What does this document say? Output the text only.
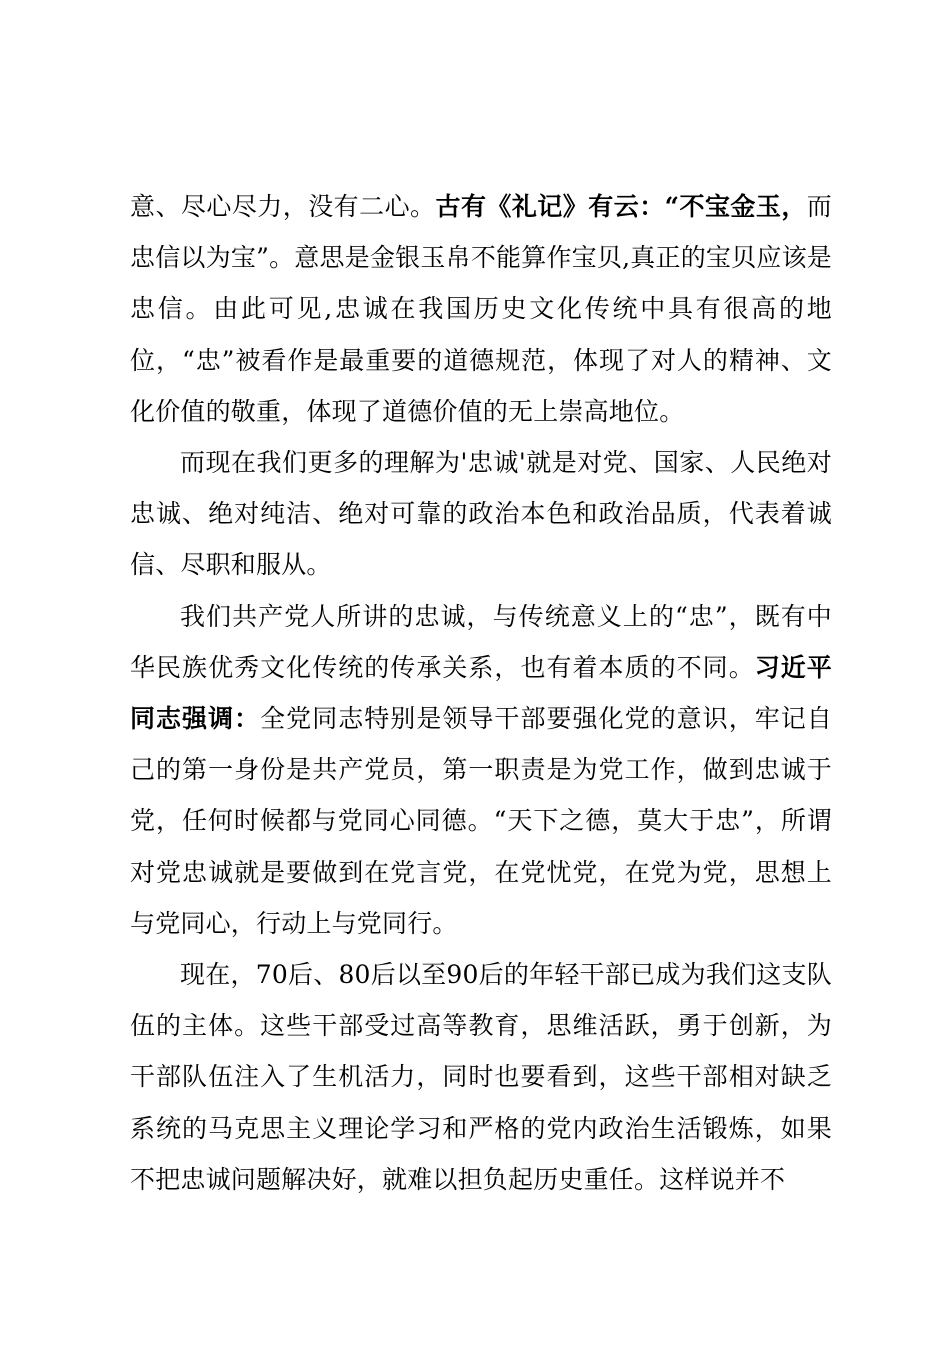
意、尽心尽力，没有二心。古有《礼记》有云：“不宝金玉，而忠信以为宝”。意思是金银玉帛不能算作宝贝,真正的宝贝应该是忠信。由此可见,忠诚在我国历史文化传统中具有很高的地位，“忠”被看作是最重要的道德规范，体现了对人的精神、文化价值的敬重，体现了道德价值的无上崇高地位。

而现在我们更多的理解为'忠诚'就是对党、国家、人民绝对忠诚、绝对纯洁、绝对可靠的政治本色和政治品质，代表着诚信、尽职和服从。

我们共产党人所讲的忠诚，与传统意义上的“忠”，既有中华民族优秀文化传统的传承关系，也有着本质的不同。习近平同志强调：全党同志特别是领导干部要强化党的意识，牢记自己的第一身份是共产党员，第一职责是为党工作，做到忠诚于党，任何时候都与党同心同德。“天下之德，莫大于忠”，所谓对党忠诚就是要做到在党言党，在党忧党，在党为党，思想上与党同心，行动上与党同行。

现在，70后、80后以至90后的年轻干部已成为我们这支队伍的主体。这些干部受过高等教育，思维活跃，勇于创新，为干部队伍注入了生机活力，同时也要看到，这些干部相对缺乏系统的马克思主义理论学习和严格的党内政治生活锻炼，如果不把忠诚问题解决好，就难以担负起历史重任。这样说并不
